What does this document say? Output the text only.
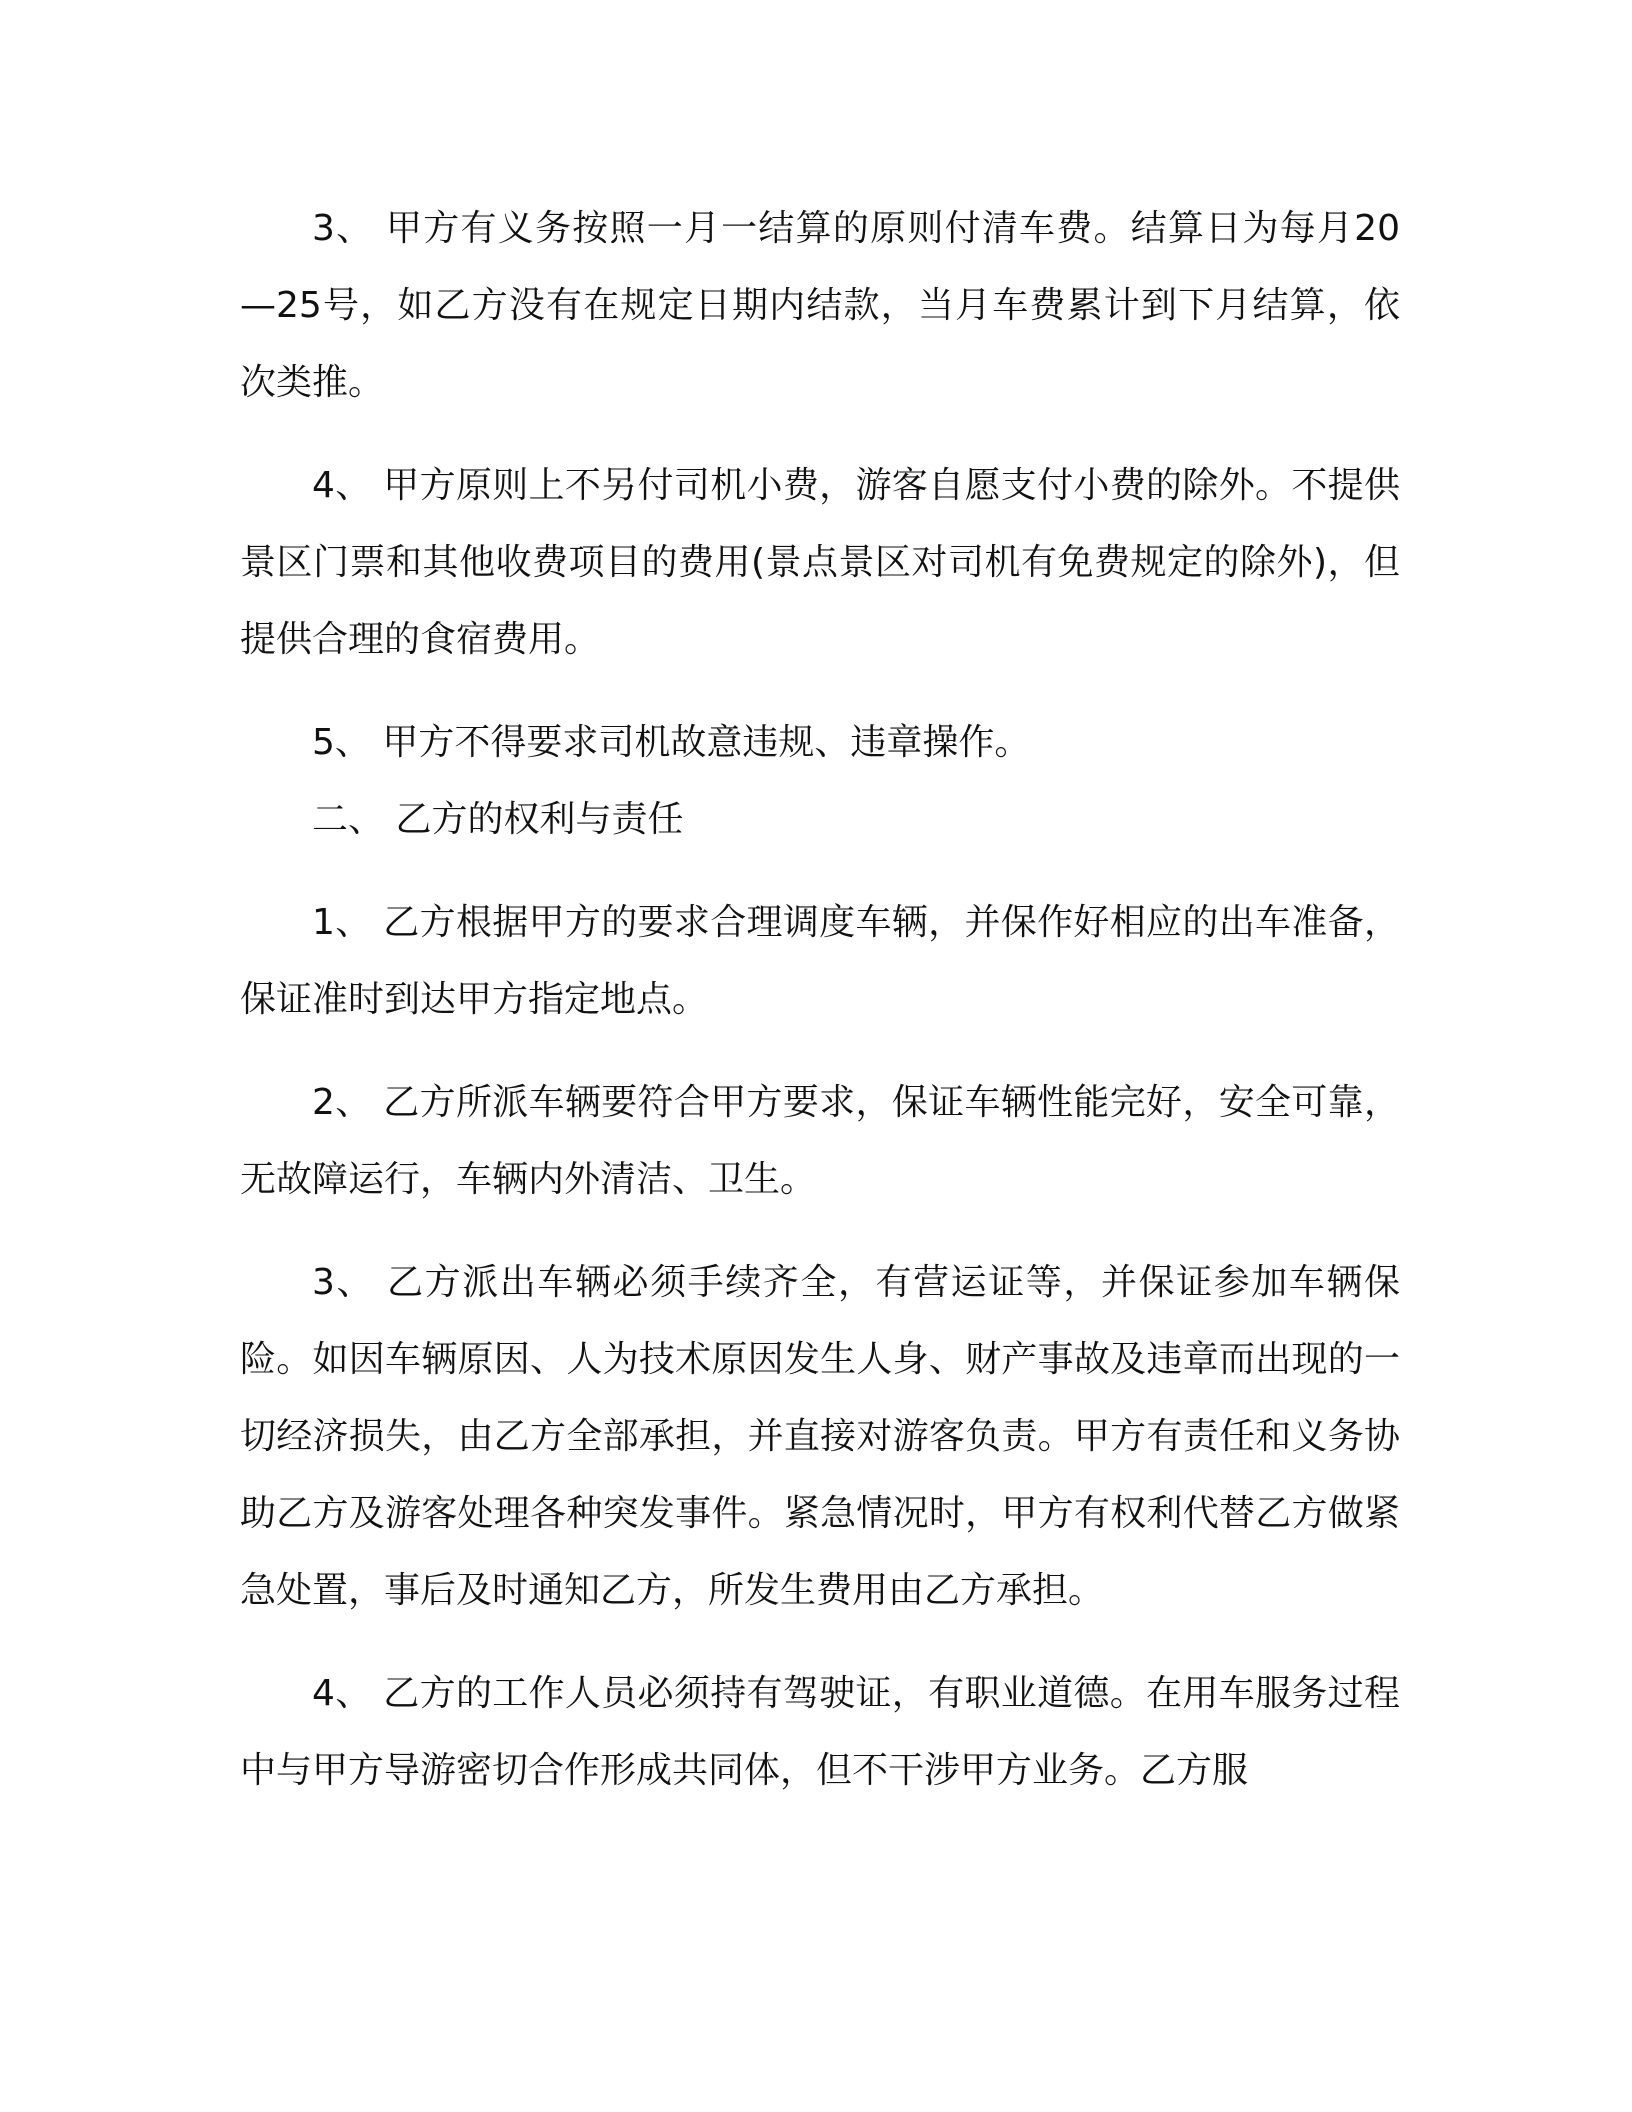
3、 甲方有义务按照一月一结算的原则付清车费。结算日为每月20—25号，如乙方没有在规定日期内结款，当月车费累计到下月结算，依次类推。

4、 甲方原则上不另付司机小费，游客自愿支付小费的除外。不提供景区门票和其他收费项目的费用(景点景区对司机有免费规定的除外)，但提供合理的食宿费用。

5、 甲方不得要求司机故意违规、违章操作。

二、 乙方的权利与责任

1、 乙方根据甲方的要求合理调度车辆，并保作好相应的出车准备，保证准时到达甲方指定地点。

2、 乙方所派车辆要符合甲方要求，保证车辆性能完好，安全可靠，无故障运行，车辆内外清洁、卫生。

3、 乙方派出车辆必须手续齐全，有营运证等，并保证参加车辆保险。如因车辆原因、人为技术原因发生人身、财产事故及违章而出现的一切经济损失，由乙方全部承担，并直接对游客负责。甲方有责任和义务协助乙方及游客处理各种突发事件。紧急情况时，甲方有权利代替乙方做紧急处置，事后及时通知乙方，所发生费用由乙方承担。

4、 乙方的工作人员必须持有驾驶证，有职业道德。在用车服务过程中与甲方导游密切合作形成共同体，但不干涉甲方业务。乙方服
